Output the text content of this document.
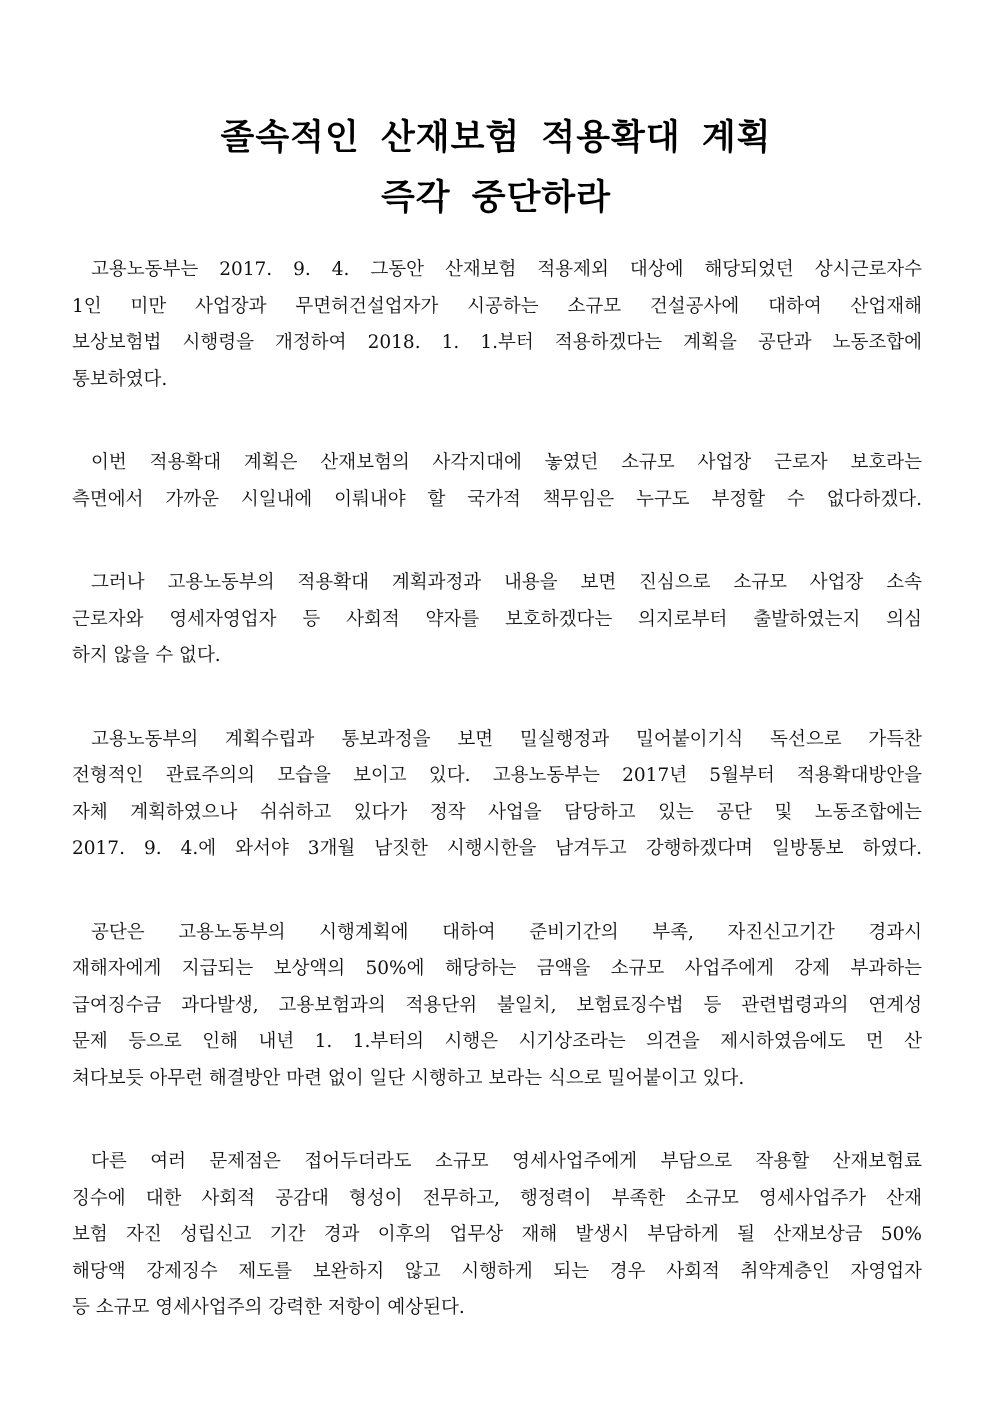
졸속적인 산재보험 적용확대 계획
즉각 중단하라

고용노동부는 2017. 9. 4. 그동안 산재보험 적용제외 대상에 해당되었던 상시근로자수
1인 미만 사업장과 무면허건설업자가 시공하는 소규모 건설공사에 대하여 산업재해
보상보험법 시행령을 개정하여 2018. 1. 1.부터 적용하겠다는 계획을 공단과 노동조합에
통보하였다.

이번 적용확대 계획은 산재보험의 사각지대에 놓였던 소규모 사업장 근로자 보호라는
측면에서 가까운 시일내에 이뤄내야 할 국가적 책무임은 누구도 부정할 수 없다하겠다.

그러나 고용노동부의 적용확대 계획과정과 내용을 보면 진심으로 소규모 사업장 소속
근로자와 영세자영업자 등 사회적 약자를 보호하겠다는 의지로부터 출발하였는지 의심
하지 않을 수 없다.

고용노동부의 계획수립과 통보과정을 보면 밀실행정과 밀어붙이기식 독선으로 가득찬
전형적인 관료주의의 모습을 보이고 있다. 고용노동부는 2017년 5월부터 적용확대방안을
자체 계획하였으나 쉬쉬하고 있다가 정작 사업을 담당하고 있는 공단 및 노동조합에는
2017. 9. 4.에 와서야 3개월 남짓한 시행시한을 남겨두고 강행하겠다며 일방통보 하였다.

공단은 고용노동부의 시행계획에 대하여 준비기간의 부족, 자진신고기간 경과시
재해자에게 지급되는 보상액의 50%에 해당하는 금액을 소규모 사업주에게 강제 부과하는
급여징수금 과다발생, 고용보험과의 적용단위 불일치, 보험료징수법 등 관련법령과의 연계성
문제 등으로 인해 내년 1. 1.부터의 시행은 시기상조라는 의견을 제시하였음에도 먼 산
쳐다보듯 아무런 해결방안 마련 없이 일단 시행하고 보라는 식으로 밀어붙이고 있다.

다른 여러 문제점은 접어두더라도 소규모 영세사업주에게 부담으로 작용할 산재보험료
징수에 대한 사회적 공감대 형성이 전무하고, 행정력이 부족한 소규모 영세사업주가 산재
보험 자진 성립신고 기간 경과 이후의 업무상 재해 발생시 부담하게 될 산재보상금 50%
해당액 강제징수 제도를 보완하지 않고 시행하게 되는 경우 사회적 취약계층인 자영업자
등 소규모 영세사업주의 강력한 저항이 예상된다.
